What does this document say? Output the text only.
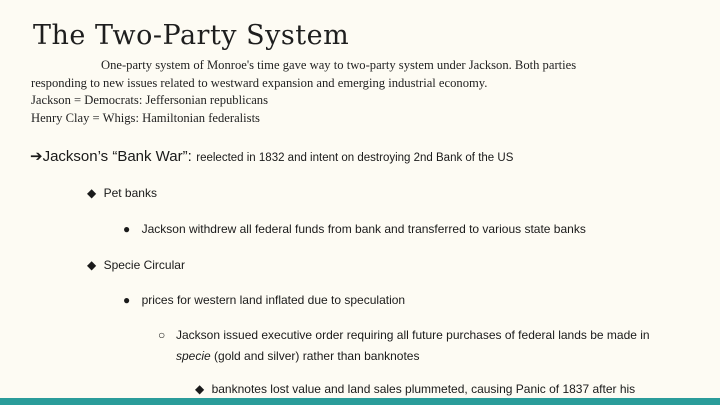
The Two-Party System
One-party system of Monroe's time gave way to two-party system under Jackson. Both parties
responding to new issues related to westward expansion and emerging industrial economy.
Jackson = Democrats: Jeffersonian republicans
Henry Clay = Whigs: Hamiltonian federalists
➔Jackson’s “Bank War”: reelected in 1832 and intent on destroying 2nd Bank of the US
◆ Pet banks
● Jackson withdrew all federal funds from bank and transferred to various state banks
◆ Specie Circular
● prices for western land inflated due to speculation
○ Jackson issued executive order requiring all future purchases of federal lands be made in
specie (gold and silver) rather than banknotes
◆ banknotes lost value and land sales plummeted, causing Panic of 1837 after his
